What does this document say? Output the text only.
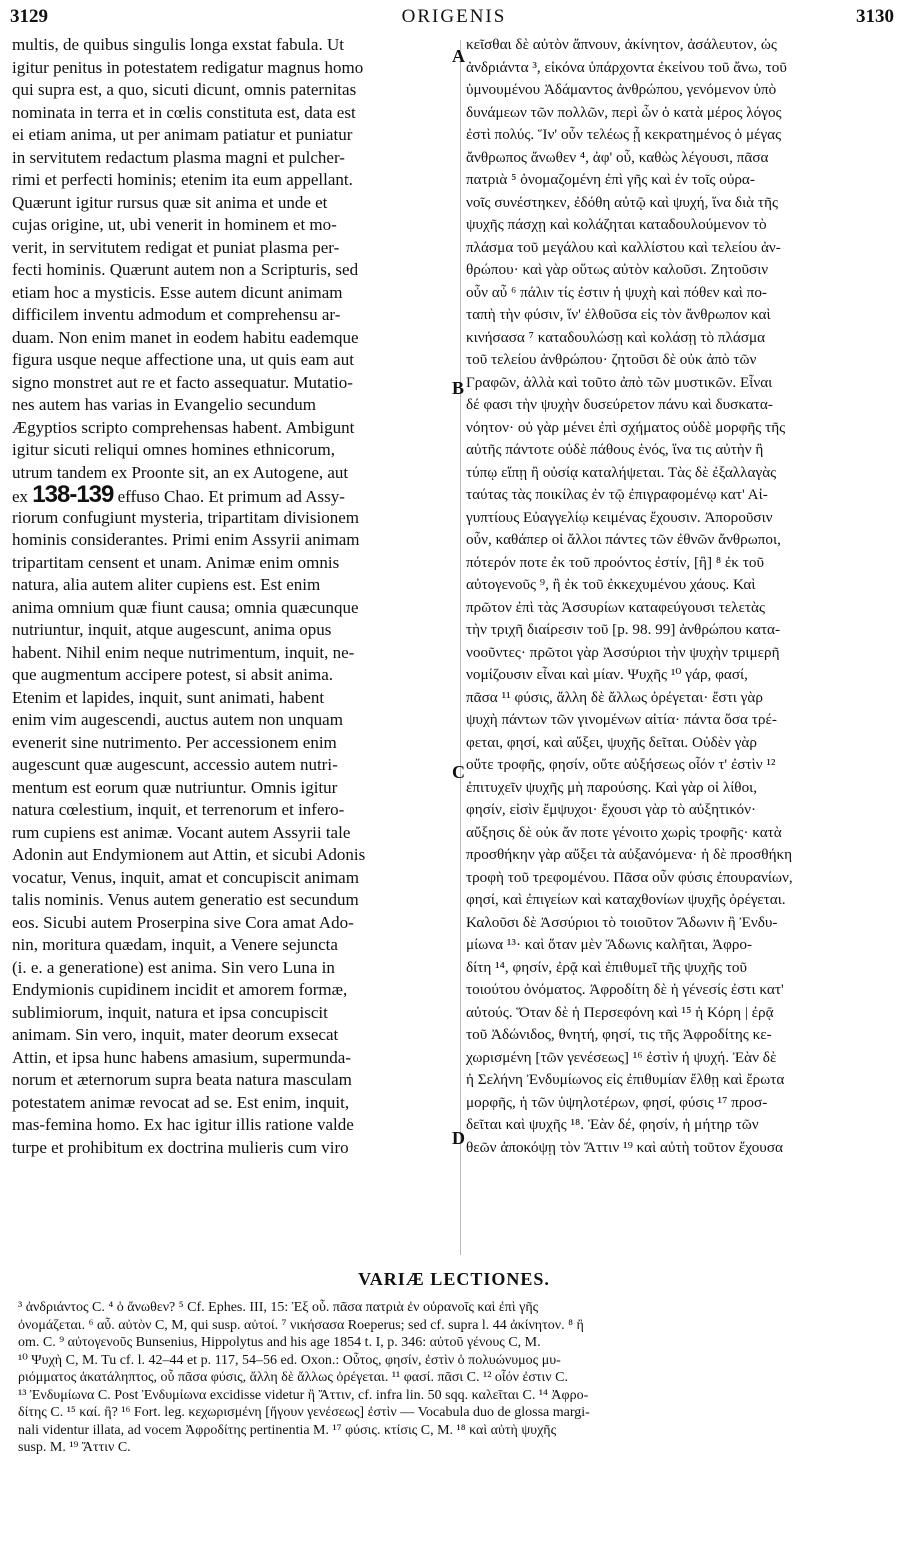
3129	ORIGENIS	3130
multis, de quibus singulis longa exstat fabula. Ut
igitur penitus in potestatem redigatur magnus homo
qui supra est, a quo, sicuti dicunt, omnis paternitas
nominata in terra et in cœlis constituta est, data est
ei etiam anima, ut per animam patiatur et puniatur
in servitutem redactum plasma magni et pulcher-
rimi et perfecti hominis; etenim ita eum appellant.
Quærunt igitur rursus quæ sit anima et unde et
cujas origine, ut, ubi venerit in hominem et mo-
verit, in servitutem redigat et puniat plasma per-
fecti hominis. Quærunt autem non a Scripturis, sed
etiam hoc a mysticis. Esse autem dicunt animam
difficilem inventu admodum et comprehensu ar-
duam. Non enim manet in eodem habitu eademque
figura usque neque affectione una, ut quis eam aut
signo monstret aut re et facto assequatur. Mutatio-
nes autem has varias in Evangelio secundum
Ægyptios scripto comprehensas habent. Ambigunt
igitur sicuti reliqui omnes homines ethnicorum,
utrum tandem ex Proonte sit, an ex Autogene, aut
ex 138-139 effuso Chao. Et primum ad Assy-
riorum confugiunt mysteria, tripartitam divisionem
hominis considerantes. Primi enim Assyrii animam
tripartitam censent et unam. Animæ enim omnis
natura, alia autem aliter cupiens est. Est enim
anima omnium quæ fiunt causa; omnia quæcunque
nutriuntur, inquit, atque augescunt, anima opus
habent. Nihil enim neque nutrimentum, inquit, ne-
que augmentum accipere potest, si absit anima.
Etenim et lapides, inquit, sunt animati, habent
enim vim augescendi, auctus autem non unquam
evenerit sine nutrimento. Per accessionem enim
augescunt quæ augescunt, accessio autem nutri-
mentum est eorum quæ nutriuntur. Omnis igitur
natura cœlestium, inquit, et terrenorum et infero-
rum cupiens est animæ. Vocant autem Assyrii tale
Adonin aut Endymionem aut Attin, et sicubi Adonis
vocatur, Venus, inquit, amat et concupiscit animam
talis nominis. Venus autem generatio est secundum
eos. Sicubi autem Proserpina sive Cora amat Ado-
nin, moritura quædam, inquit, a Venere sejuncta
(i. e. a generatione) est anima. Sin vero Luna in
Endymionis cupidinem incidit et amorem formæ,
sublimiorum, inquit, natura et ipsa concupiscit
animam. Sin vero, inquit, mater deorum exsecat
Attin, et ipsa hunc habens amasium, supermunda-
norum et æternorum supra beata natura masculam
potestatem animæ revocat ad se. Est enim, inquit,
mas-femina homo. Ex hac igitur illis ratione valde
turpe et prohibitum ex doctrina mulieris cum viro
κεῖσθαι δὲ αὐτὸν ἄπνουν, ἀκίνητον, ἀσάλευτον, ὡς
ἀνδριάντα ³, εἰκόνα ὑπάρχοντα ἐκείνου τοῦ ἄνω, τοῦ
ὑμνουμένου Ἀδάμαντος ἀνθρώπου, γενόμενον ὑπὸ
δυνάμεων τῶν πολλῶν, περὶ ὧν ὁ κατὰ μέρος λόγος
ἐστὶ πολύς. Ἵν' οὖν τελέως ᾖ κεκρατημένος ὁ μέγας
ἄνθρωπος ἄνωθεν ⁴, ἀφ' οὗ, καθὼς λέγουσι, πᾶσα
πατριὰ ⁵ ὀνομαζομένη ἐπὶ γῆς καὶ ἐν τοῖς οὐρα-
νοῖς συνέστηκεν, ἐδόθη αὐτῷ καὶ ψυχή, ἵνα διὰ τῆς
ψυχῆς πάσχῃ καὶ κολάζηται καταδουλούμενον τὸ
πλάσμα τοῦ μεγάλου καὶ καλλίστου καὶ τελείου ἀν-
θρώπου· καὶ γὰρ οὕτως αὐτὸν καλοῦσι. Ζητοῦσιν
οὖν αὖ ⁶ πάλιν τίς ἐστιν ἡ ψυχὴ καὶ πόθεν καὶ πο-
ταπὴ τὴν φύσιν, ἵν' ἐλθοῦσα εἰς τὸν ἄνθρωπον καὶ
κινήσασα ⁷ καταδουλώσῃ καὶ κολάσῃ τὸ πλάσμα
τοῦ τελείου ἀνθρώπου· ζητοῦσι δὲ οὐκ ἀπὸ τῶν
Γραφῶν, ἀλλὰ καὶ τοῦτο ἀπὸ τῶν μυστικῶν. Εἶναι
δέ φασι τὴν ψυχὴν δυσεύρετον πάνυ καὶ δυσκατα-
νόητον· οὐ γὰρ μένει ἐπὶ σχήματος οὐδὲ μορφῆς τῆς
αὐτῆς πάντοτε οὐδὲ πάθους ἑνός, ἵνα τις αὐτὴν ἢ
τύπῳ εἴπῃ ἢ οὐσίᾳ καταλήψεται. Τὰς δὲ ἐξαλλαγὰς
ταύτας τὰς ποικίλας ἐν τῷ ἐπιγραφομένῳ κατ' Αἰ-
γυπτίους Εὐαγγελίῳ κειμένας ἔχουσιν. Ἀποροῦσιν
οὖν, καθάπερ οἱ ἄλλοι πάντες τῶν ἐθνῶν ἄνθρωποι,
πότερόν ποτε ἐκ τοῦ προόντος ἐστίν, [ἢ] ⁸ ἐκ τοῦ
αὐτογενοῦς ⁹, ἢ ἐκ τοῦ ἐκκεχυμένου χάους. Καὶ
πρῶτον ἐπὶ τὰς Ἀσσυρίων καταφεύγουσι τελετὰς
τὴν τριχῆ διαίρεσιν τοῦ [p. 98. 99] ἀνθρώπου κατα-
νοοῦντες· πρῶτοι γὰρ Ἀσσύριοι τὴν ψυχὴν τριμερῆ
νομίζουσιν εἶναι καὶ μίαν. Ψυχῆς ¹⁰ γάρ, φασί,
πᾶσα ¹¹ φύσις, ἄλλη δὲ ἄλλως ὀρέγεται· ἔστι γὰρ
ψυχὴ πάντων τῶν γινομένων αἰτία· πάντα ὅσα τρέ-
φεται, φησί, καὶ αὔξει, ψυχῆς δεῖται. Οὐδὲν γὰρ
οὔτε τροφῆς, φησίν, οὔτε αὐξήσεως οἷόν τ' ἐστὶν ¹²
ἐπιτυχεῖν ψυχῆς μὴ παρούσης. Καὶ γὰρ οἱ λίθοι,
φησίν, εἰσὶν ἔμψυχοι· ἔχουσι γὰρ τὸ αὐξητικόν·
αὔξησις δὲ οὐκ ἄν ποτε γένοιτο χωρὶς τροφῆς· κατὰ
προσθήκην γὰρ αὔξει τὰ αὐξανόμενα· ἡ δὲ προσθήκη
τροφὴ τοῦ τρεφομένου. Πᾶσα οὖν φύσις ἐπουρανίων,
φησί, καὶ ἐπιγείων καὶ καταχθονίων ψυχῆς ὀρέγεται.
Καλοῦσι δὲ Ἀσσύριοι τὸ τοιοῦτον Ἄδωνιν ἢ Ἐνδυ-
μίωνα ¹³· καὶ ὅταν μὲν Ἄδωνις καλῆται, Ἀφρο-
δίτη ¹⁴, φησίν, ἐρᾷ καὶ ἐπιθυμεῖ τῆς ψυχῆς τοῦ
τοιούτου ὀνόματος. Ἀφροδίτη δὲ ἡ γένεσίς ἐστι κατ'
αὐτούς. Ὅταν δὲ ἡ Περσεφόνη καὶ ¹⁵ ἡ Κόρη | ἐρᾷ
τοῦ Ἀδώνιδος, θνητή, φησί, τις τῆς Ἀφροδίτης κε-
χωρισμένη [τῶν γενέσεως] ¹⁶ ἐστὶν ἡ ψυχή. Ἐὰν δὲ
ἡ Σελήνη Ἐνδυμίωνος εἰς ἐπιθυμίαν ἔλθῃ καὶ ἔρωτα
μορφῆς, ἡ τῶν ὑψηλοτέρων, φησί, φύσις ¹⁷ προσ-
δεῖται καὶ ψυχῆς ¹⁸. Ἐὰν δέ, φησίν, ἡ μήτηρ τῶν
θεῶν ἀποκόψῃ τὸν Ἄττιν ¹⁹ καὶ αὐτὴ τοῦτον ἔχουσα
A
B
C
D
VARIÆ LECTIONES.
³ ἀνδριάντος C. ⁴ ὁ ἄνωθεν? ⁵ Cf. Ephes. III, 15: Ἐξ οὗ. πᾶσα πατριὰ ἐν οὐρανοῖς καὶ ἐπὶ γῆς
ὀνομάζεται. ⁶ αὖ. αὐτὸν C, M, qui susp. αὐτοί. ⁷ νικήσασα Roeperus; sed cf. supra l. 44 ἀκίνητον. ⁸ ἢ
om. C. ⁹ αὐτογενοῦς Bunsenius, Hippolytus and his age 1854 t. I, p. 346: αὐτοῦ γένους C, M.
¹⁰ Ψυχὴ C, M. Tu cf. l. 42–44 et p. 117, 54–56 ed. Oxon.: Οὗτος, φησίν, ἐστὶν ὁ πολυώνυμος μυ-
ριόμματος ἀκατάληπτος, οὗ πᾶσα φύσις, ἄλλη δὲ ἄλλως ὀρέγεται. ¹¹ φασί. πᾶσι C. ¹² οἷόν ἐστιν C.
¹³ Ἐνδυμίωνα C. Post Ἐνδυμίωνα excidisse videtur ἢ Ἄττιν, cf. infra lin. 50 sqq. καλεῖται C. ¹⁴ Ἀφρο-
δίτης C. ¹⁵ καί. ἢ? ¹⁶ Fort. leg. κεχωρισμένη [ἤγουν γενέσεως] ἐστὶν — Vocabula duo de glossa margi-
nali videntur illata, ad vocem Ἀφροδίτης pertinentia M. ¹⁷ φύσις. κτίσις C, M. ¹⁸ καὶ αὐτὴ ψυχῆς
susp. M. ¹⁹ Ἄττιν C.
